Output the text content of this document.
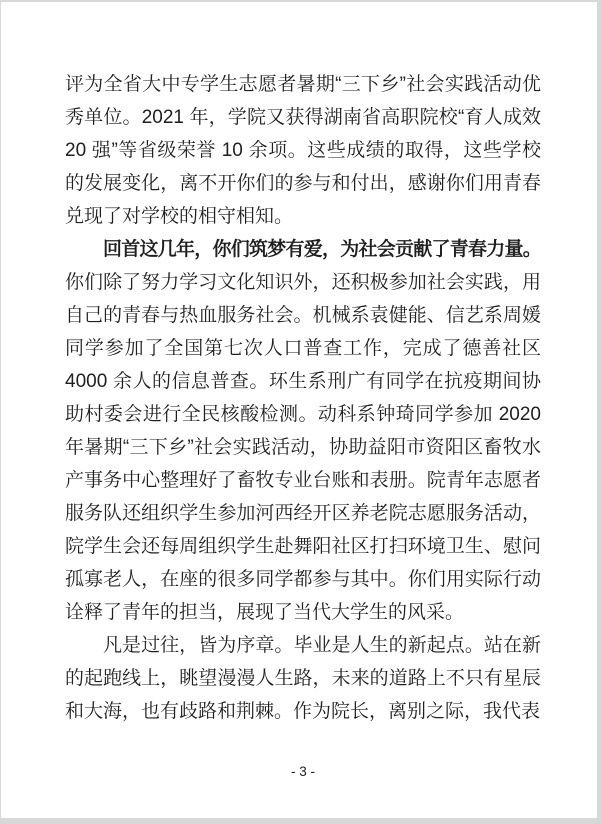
评为全省大中专学生志愿者暑期“三下乡”社会实践活动优秀单位。2021 年，学院又获得湖南省高职院校“育人成效 20 强”等省级荣誉 10 余项。这些成绩的取得，这些学校的发展变化，离不开你们的参与和付出，感谢你们用青春兑现了对学校的相守相知。

回首这几年，你们筑梦有爱，为社会贡献了青春力量。你们除了努力学习文化知识外，还积极参加社会实践，用自己的青春与热血服务社会。机械系袁健能、信艺系周媛同学参加了全国第七次人口普查工作，完成了德善社区 4000 余人的信息普查。环生系刑广有同学在抗疫期间协助村委会进行全民核酸检测。动科系钟琦同学参加 2020 年暑期“三下乡”社会实践活动，协助益阳市资阳区畜牧水产事务中心整理好了畜牧专业台账和表册。院青年志愿者服务队还组织学生参加河西经开区养老院志愿服务活动，院学生会还每周组织学生赴舞阳社区打扫环境卫生、慰问孤寡老人，在座的很多同学都参与其中。你们用实际行动诠释了青年的担当，展现了当代大学生的风采。

凡是过往，皆为序章。毕业是人生的新起点。站在新的起跑线上，眺望漫漫人生路，未来的道路上不只有星辰和大海，也有歧路和荆棘。作为院长，离别之际，我代表

- 3 -
